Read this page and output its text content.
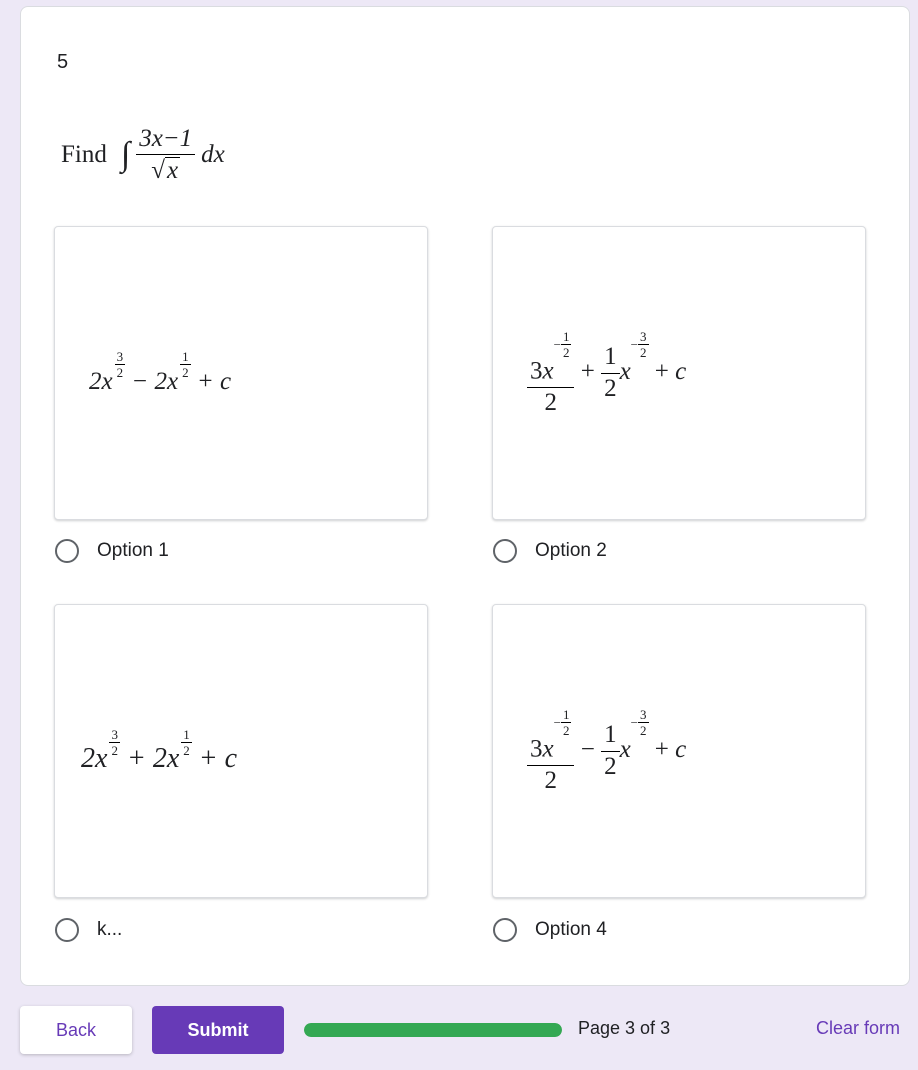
5
Find ∫ $\frac{3x-1}{√ x}$ dx
2x
$\frac{3}{2}$
− 2x
$\frac{1}{2}$
+ c	3x−
1
2
$2 + \frac{1}{2} x- 3$
2
+ c
Option 1	Option 2
2x
$\frac{3}{2}$
+ 2x
$\frac{1}{2}$
+ c	3x−
1
2
$2 - \frac{1}{2} x- 3$
2
+ c
k...	Option 4
Back	Submit	Page 3 of 3	Clear form
